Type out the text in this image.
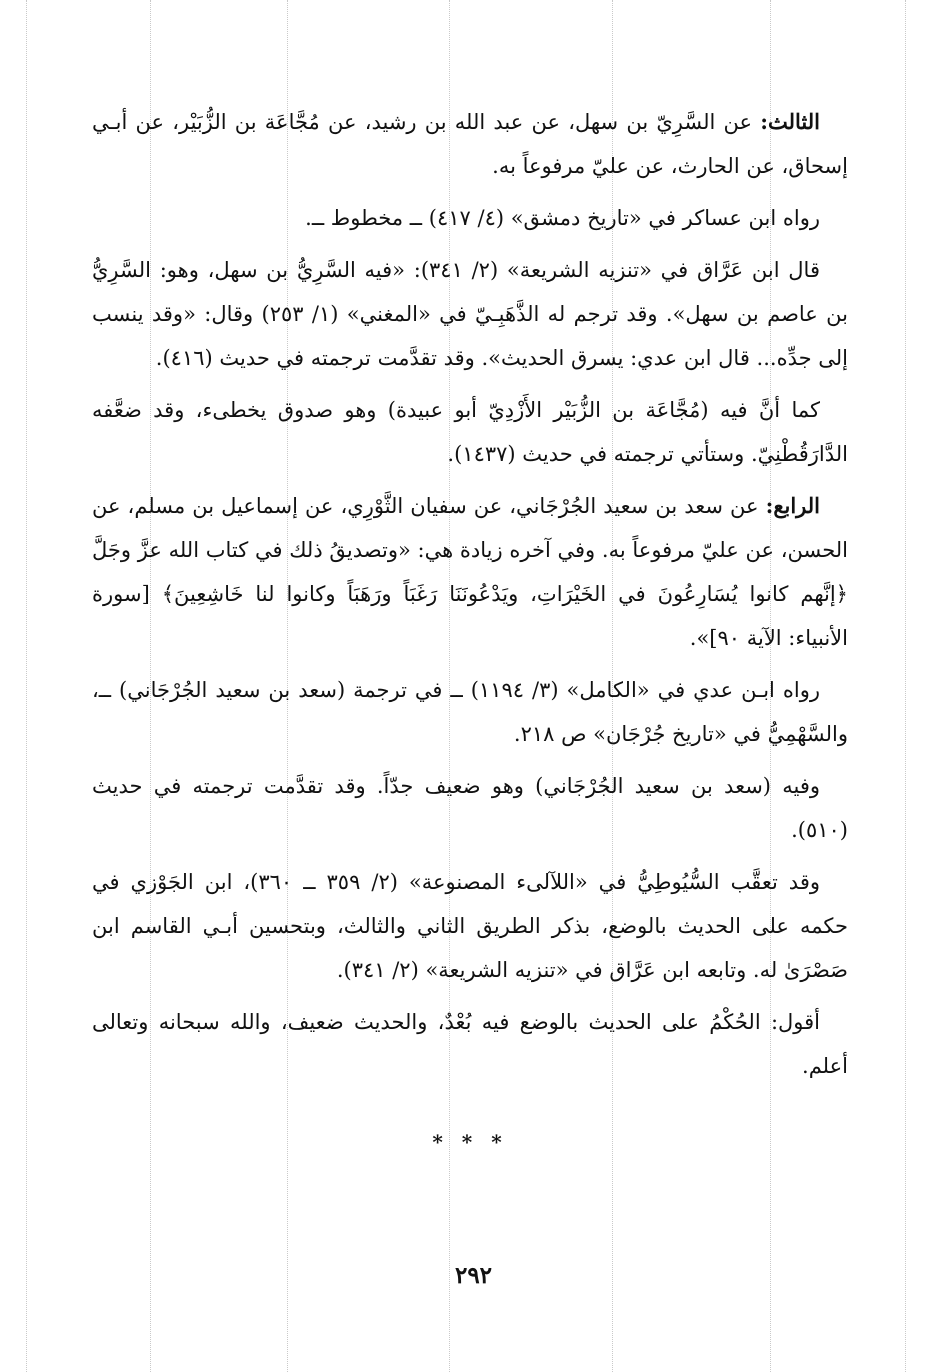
الثالث: عن السَّرِيّ بن سهل، عن عبد الله بن رشيد، عن مُجَّاعَة بن الزُّبَيْر، عن أبـي إسحاق، عن الحارث، عن عليّ مرفوعاً به.

رواه ابن عساكر في «تاريخ دمشق» (٤/ ٤١٧) ــ مخطوط ــ.

قال ابن عَرَّاق في «تنزيه الشريعة» (٢/ ٣٤١): «فيه السَّرِيُّ بن سهل، وهو: السَّرِيُّ بن عاصم بن سهل». وقد ترجم له الذَّهَبِـيّ في «المغني» (١/ ٢٥٣) وقال: «وقد ينسب إلى جدِّه... قال ابن عدي: يسرق الحديث». وقد تقدَّمت ترجمته في حديث (٤١٦).

كما أنَّ فيه (مُجَّاعَة بن الزُّبَيْر الأَزْدِيّ أبو عبيدة) وهو صدوق يخطىء، وقد ضعَّفه الدَّارَقُطْنِيّ. وستأتي ترجمته في حديث (١٤٣٧).

الرابع: عن سعد بن سعيد الجُرْجَاني، عن سفيان الثَّوْرِي، عن إسماعيل بن مسلم، عن الحسن، عن عليّ مرفوعاً به. وفي آخره زيادة هي: «وتصديقُ ذلك في كتاب الله عزَّ وجَلَّ ﴿إنَّهم كانوا يُسَارِعُونَ في الخَيْرَاتِ، ويَدْعُونَنَا رَغَبَاً ورَهَبَاً وكانوا لنا خَاشِعِينَ﴾ [سورة الأنبياء: الآية ٩٠]».

رواه ابـن عدي في «الكامل» (٣/ ١١٩٤) ــ في ترجمة (سعد بن سعيد الجُرْجَاني) ــ، والسَّهْمِيُّ في «تاريخ جُرْجَان» ص ٢١٨.

وفيه (سعد بن سعيد الجُرْجَاني) وهو ضعيف جدّاً. وقد تقدَّمت ترجمته في حديث (٥١٠).

وقد تعقَّب السُّيُوطِيُّ في «اللآلىء المصنوعة» (٢/ ٣٥٩ ــ ٣٦٠)، ابن الجَوْزي في حكمه على الحديث بالوضع، بذكر الطريق الثاني والثالث، وبتحسين أبـي القاسم ابن صَصْرَىٰ له. وتابعه ابن عَرَّاق في «تنزيه الشريعة» (٢/ ٣٤١).

أقول: الحُكْمُ على الحديث بالوضع فيه بُعْدٌ، والحديث ضعيف، والله سبحانه وتعالى أعلم.

* * *
٢٩٢
